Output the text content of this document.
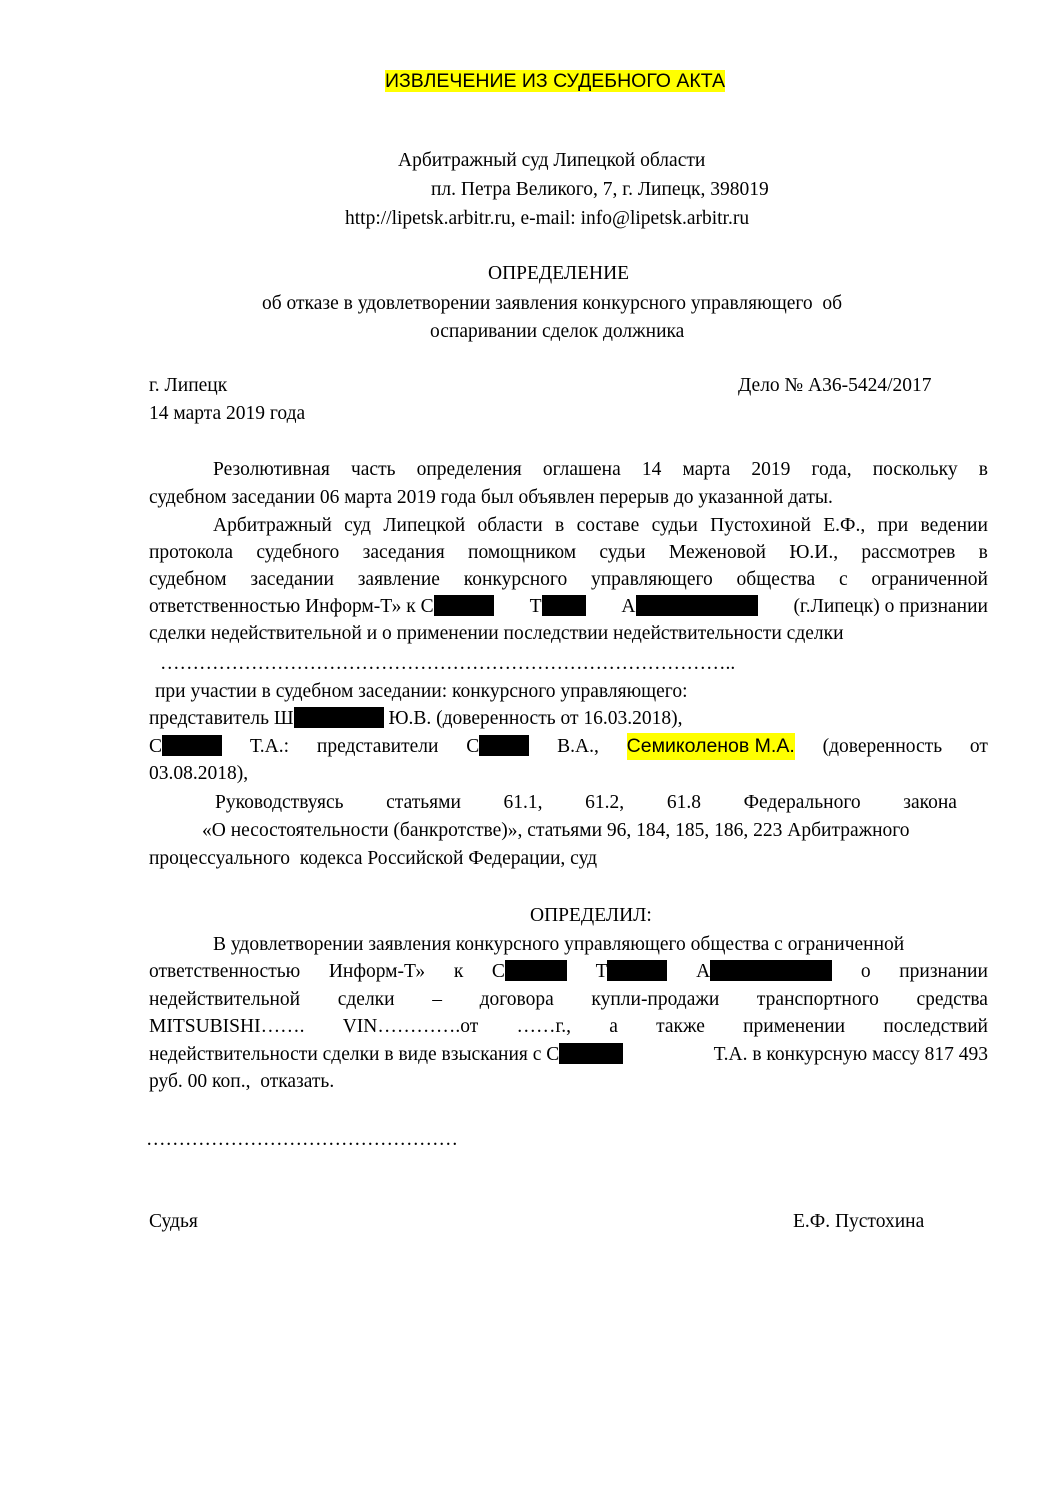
ИЗВЛЕЧЕНИЕ ИЗ СУДЕБНОГО АКТА
Арбитражный суд Липецкой области
пл. Петра Великого, 7, г. Липецк, 398019
http://lipetsk.arbitr.ru, e-mail: info@lipetsk.arbitr.ru
ОПРЕДЕЛЕНИЕ
об отказе в удовлетворении заявления конкурсного управляющего  об
оспаривании сделок должника
г. Липецк	Дело № А36-5424/2017
14 марта 2019 года
Резолютивная часть определения оглашена 14 марта 2019 года, поскольку в
судебном заседании 06 марта 2019 года был объявлен перерыв до указанной даты.
Арбитражный суд Липецкой области в составе судьи Пустохиной Е.Ф., при ведении
протокола судебного заседания помощником судьи Меженовой Ю.И., рассмотрев в
судебном заседании заявление конкурсного управляющего общества с ограниченной
ответственностью Информ-Т» к С	Т	А	(г.Липецк) о признании
сделки недействительной и о применении последствии недействительности сделки
……………………………………………………………………………..
при участии в судебном заседании: конкурсного управляющего:
представитель Ш	Ю.В. (доверенность от 16.03.2018),
С	Т.А.: представители С	В.А., Семиколенов М.А. (доверенность от
03.08.2018),
Руководствуясь статьями 61.1, 61.2, 61.8 Федерального закона
«О несостоятельности (банкротстве)», статьями 96, 184, 185, 186, 223 Арбитражного
процессуального  кодекса Российской Федерации, суд
ОПРЕДЕЛИЛ:
В удовлетворении заявления конкурсного управляющего общества с ограниченной
ответственностью Информ-Т» к С	Т	А	о признании
недействительной сделки – договора купли-продажи транспортного средства
MITSUBISHI……. VIN………….от ……г., а также применении последствий
недействительности сделки в виде взыскания с С	Т.А. в конкурсную массу 817 493
руб. 00 коп.,  отказать.
…………………………………………
Судья	Е.Ф. Пустохина
